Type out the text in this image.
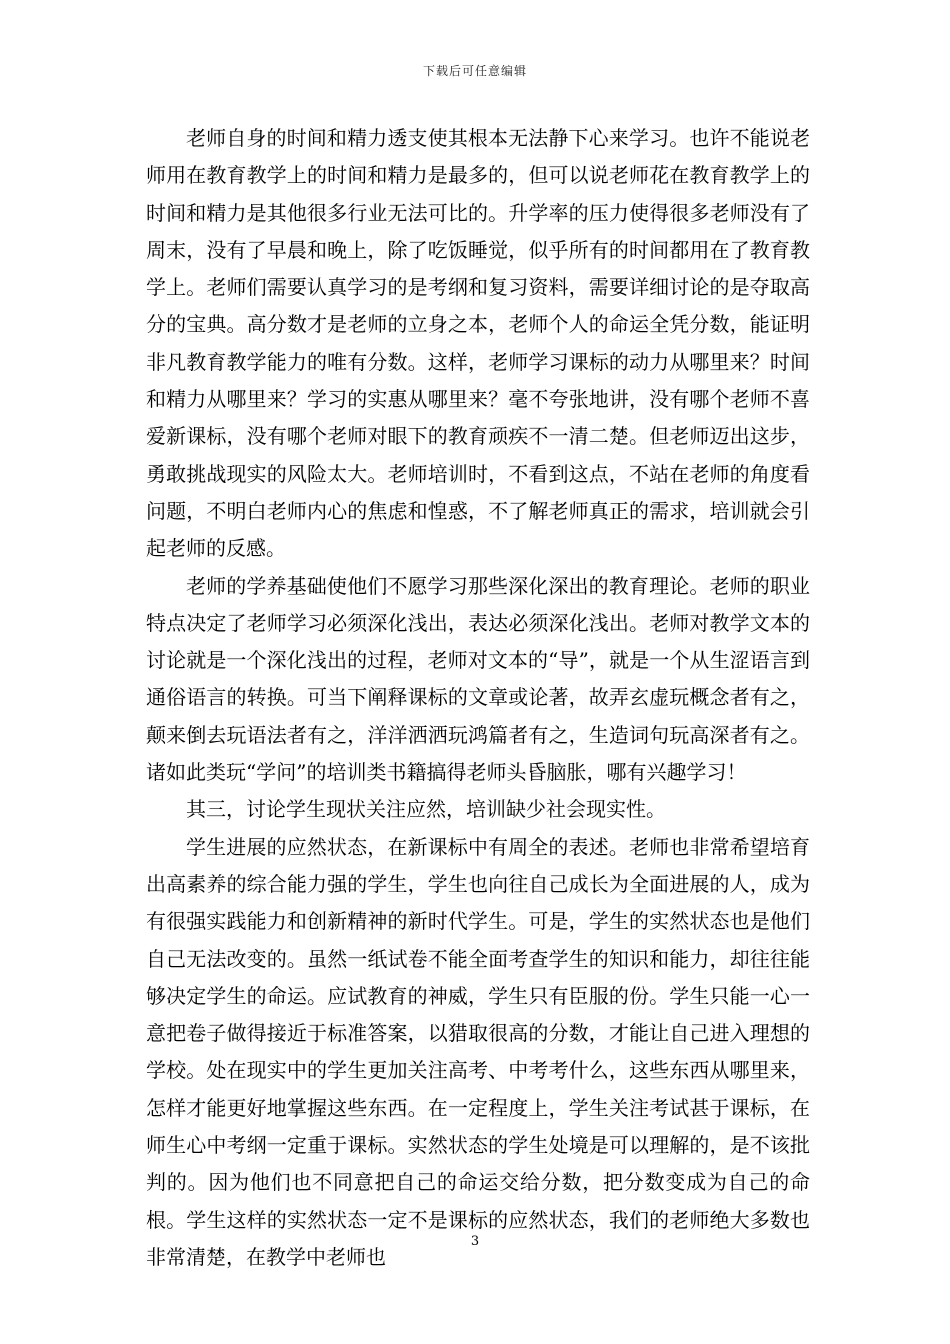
下载后可任意编辑

老师自身的时间和精力透支使其根本无法静下心来学习。也许不能说老师用在教育教学上的时间和精力是最多的，但可以说老师花在教育教学上的时间和精力是其他很多行业无法可比的。升学率的压力使得很多老师没有了周末，没有了早晨和晚上，除了吃饭睡觉，似乎所有的时间都用在了教育教学上。老师们需要认真学习的是考纲和复习资料，需要详细讨论的是夺取高分的宝典。高分数才是老师的立身之本，老师个人的命运全凭分数，能证明非凡教育教学能力的唯有分数。这样，老师学习课标的动力从哪里来？时间和精力从哪里来？学习的实惠从哪里来？毫不夸张地讲，没有哪个老师不喜爱新课标，没有哪个老师对眼下的教育顽疾不一清二楚。但老师迈出这步，勇敢挑战现实的风险太大。老师培训时，不看到这点，不站在老师的角度看问题，不明白老师内心的焦虑和惶惑，不了解老师真正的需求，培训就会引起老师的反感。

老师的学养基础使他们不愿学习那些深化深出的教育理论。老师的职业特点决定了老师学习必须深化浅出，表达必须深化浅出。老师对教学文本的讨论就是一个深化浅出的过程，老师对文本的“导”，就是一个从生涩语言到通俗语言的转换。可当下阐释课标的文章或论著，故弄玄虚玩概念者有之，颠来倒去玩语法者有之，洋洋洒洒玩鸿篇者有之，生造词句玩高深者有之。诸如此类玩“学问”的培训类书籍搞得老师头昏脑胀，哪有兴趣学习！

其三，讨论学生现状关注应然，培训缺少社会现实性。

学生进展的应然状态，在新课标中有周全的表述。老师也非常希望培育出高素养的综合能力强的学生，学生也向往自己成长为全面进展的人，成为有很强实践能力和创新精神的新时代学生。可是，学生的实然状态也是他们自己无法改变的。虽然一纸试卷不能全面考查学生的知识和能力，却往往能够决定学生的命运。应试教育的神威，学生只有臣服的份。学生只能一心一意把卷子做得接近于标准答案，以猎取很高的分数，才能让自己进入理想的学校。处在现实中的学生更加关注高考、中考考什么，这些东西从哪里来，怎样才能更好地掌握这些东西。在一定程度上，学生关注考试甚于课标，在师生心中考纲一定重于课标。实然状态的学生处境是可以理解的，是不该批判的。因为他们也不同意把自己的命运交给分数，把分数变成为自己的命根。学生这样的实然状态一定不是课标的应然状态，我们的老师绝大多数也非常清楚，在教学中老师也

3
